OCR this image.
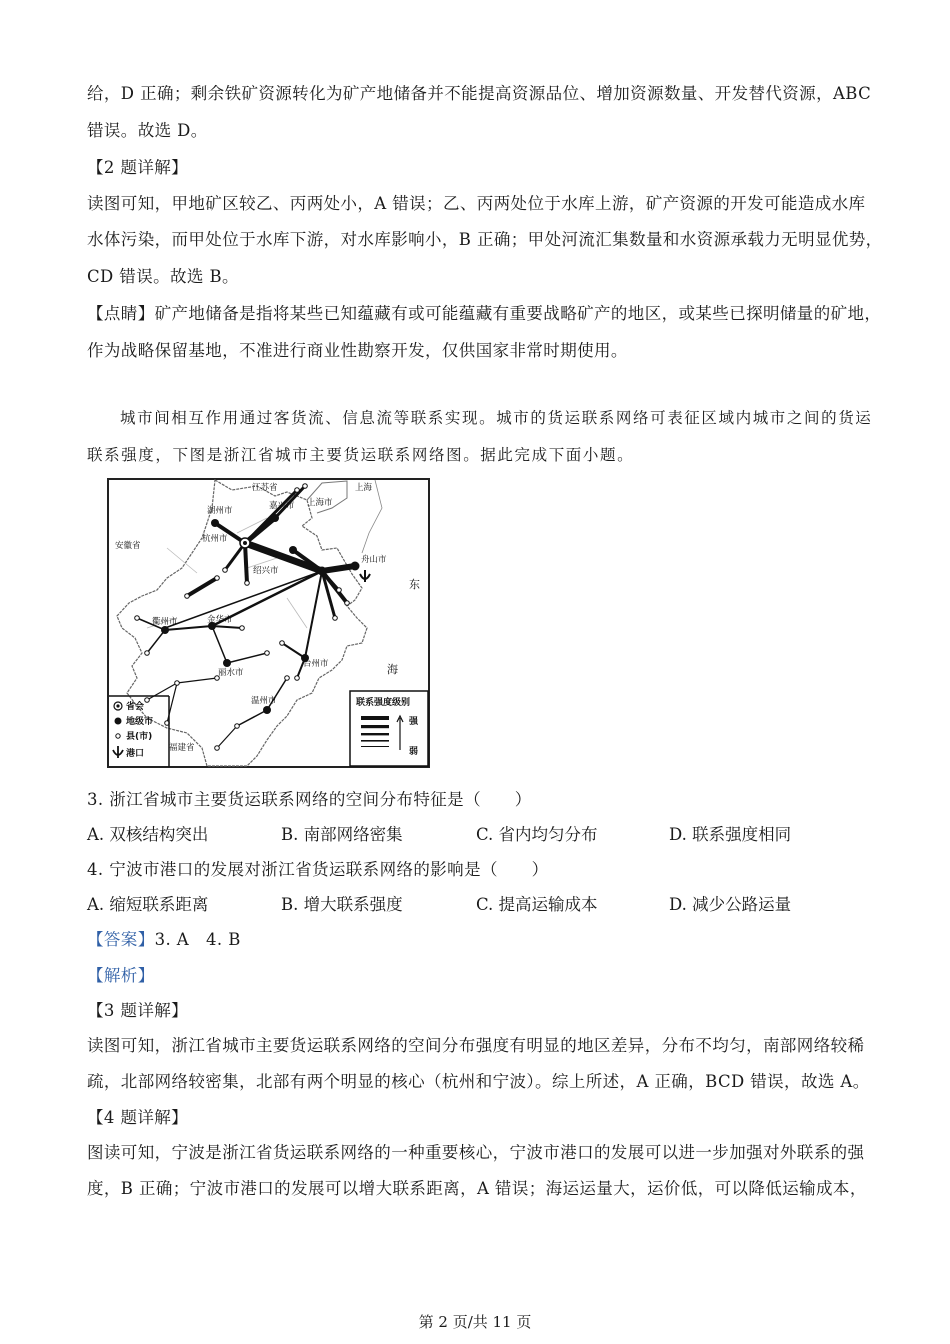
给，D 正确；剩余铁矿资源转化为矿产地储备并不能提高资源品位、增加资源数量、开发替代资源，ABC
错误。故选 D。
【2 题详解】
读图可知，甲地矿区较乙、丙两处小，A 错误；乙、丙两处位于水库上游，矿产资源的开发可能造成水库
水体污染，而甲处位于水库下游，对水库影响小，B 正确；甲处河流汇集数量和水资源承载力无明显优势，
CD 错误。故选 B。
【点睛】矿产地储备是指将某些已知蕴藏有或可能蕴藏有重要战略矿产的地区，或某些已探明储量的矿地，
作为战略保留基地，不准进行商业性勘察开发，仅供国家非常时期使用。
城市间相互作用通过客货流、信息流等联系实现。城市的货运联系网络可表征区域内城市之间的货运
联系强度，下图是浙江省城市主要货运联系网络图。据此完成下面小题。
江苏省	上海
上海市
安徽省
湖州市	嘉兴市
杭州市
绍兴市
舟山市
衢州市	金华市
丽水市
台州市
温州市
福建省
东
海
省会
地级市
县(市)
港口
联系强度级别
强
弱
3. 浙江省城市主要货运联系网络的空间分布特征是（　　）
A. 双核结构突出	B. 南部网络密集	C. 省内均匀分布	D. 联系强度相同
4. 宁波市港口的发展对浙江省货运联系网络的影响是（　　）
A. 缩短联系距离	B. 增大联系强度	C. 提高运输成本	D. 减少公路运量
【答案】3. A　4. B
【解析】
【3 题详解】
读图可知，浙江省城市主要货运联系网络的空间分布强度有明显的地区差异，分布不均匀，南部网络较稀
疏，北部网络较密集，北部有两个明显的核心（杭州和宁波）。综上所述，A 正确，BCD 错误，故选 A。
【4 题详解】
图读可知，宁波是浙江省货运联系网络的一种重要核心，宁波市港口的发展可以进一步加强对外联系的强
度，B 正确；宁波市港口的发展可以增大联系距离，A 错误；海运运量大，运价低，可以降低运输成本，
第 2 页/共 11 页
